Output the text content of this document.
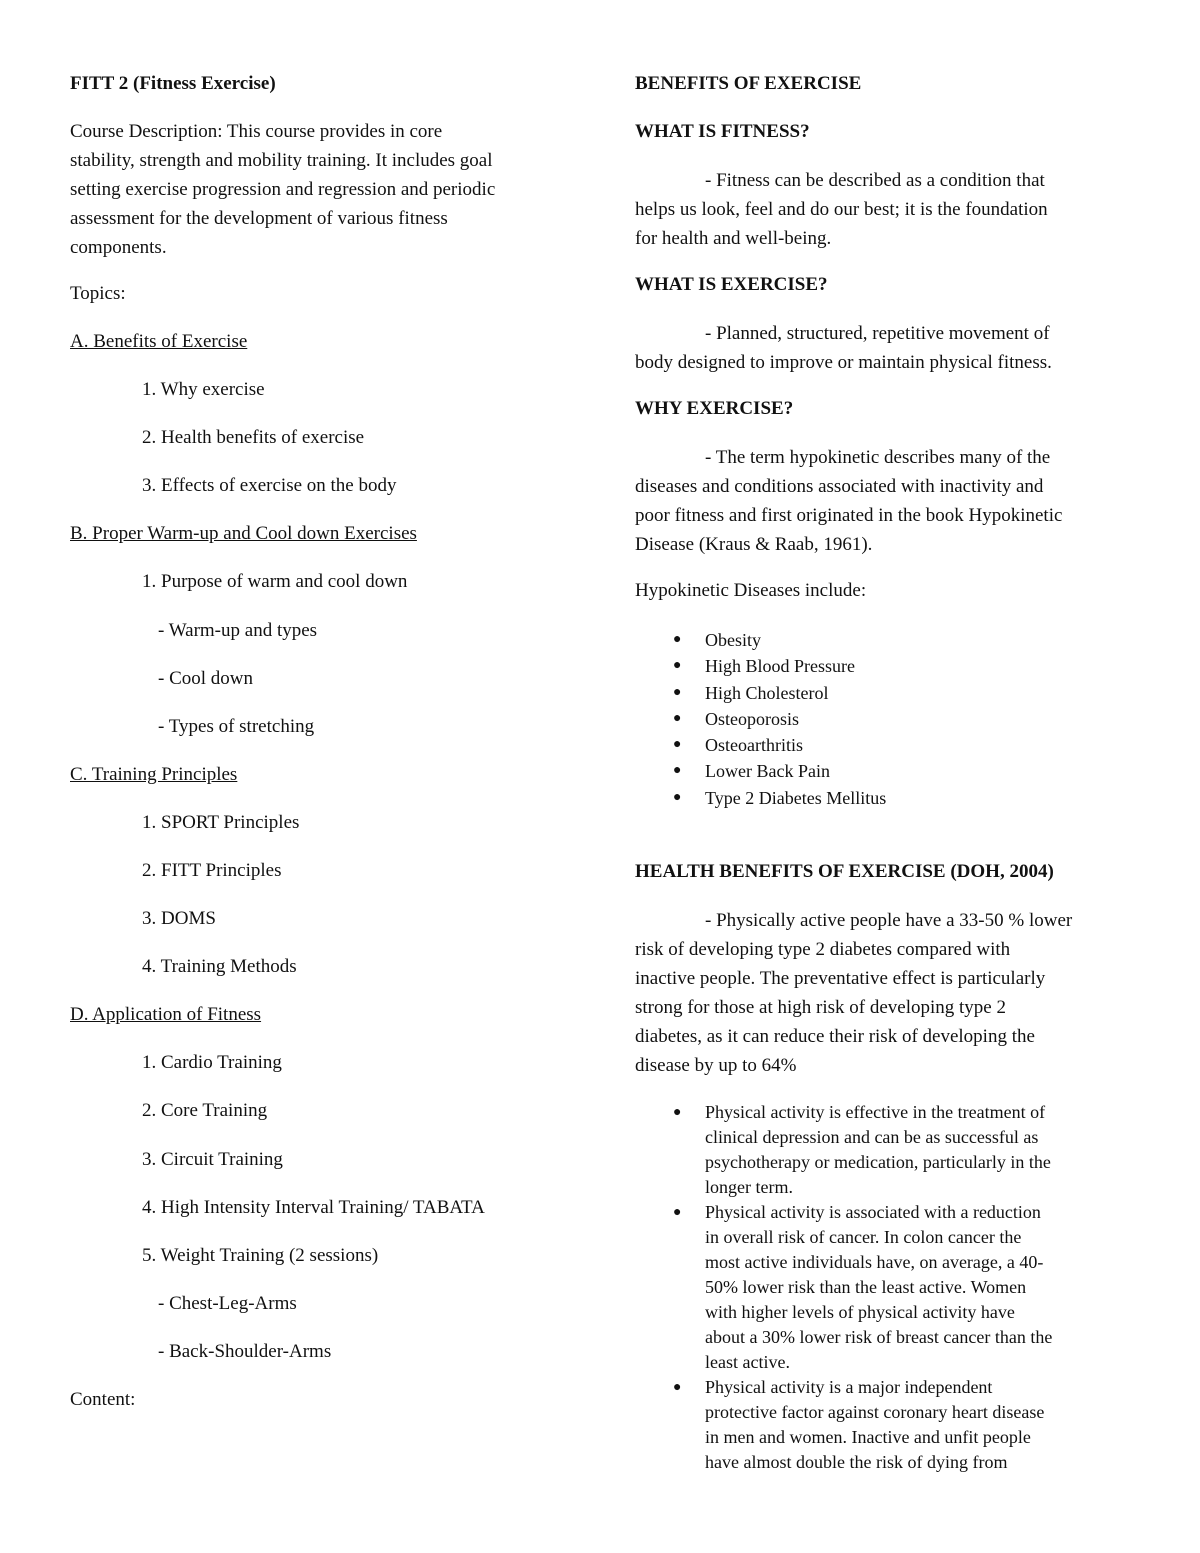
FITT 2 (Fitness Exercise)
Course Description: This course provides in core
stability, strength and mobility training. It includes goal
setting exercise progression and regression and periodic
assessment for the development of various fitness
components.
Topics:
A. Benefits of Exercise
1. Why exercise
2. Health benefits of exercise
3. Effects of exercise on the body
B. Proper Warm-up and Cool down Exercises
1. Purpose of warm and cool down
- Warm-up and types
- Cool down
- Types of stretching
C. Training Principles
1. SPORT Principles
2. FITT Principles
3. DOMS
4. Training Methods
D. Application of Fitness
1. Cardio Training
2. Core Training
3. Circuit Training
4. High Intensity Interval Training/ TABATA
5. Weight Training (2 sessions)
- Chest-Leg-Arms
- Back-Shoulder-Arms
Content:
BENEFITS OF EXERCISE
WHAT IS FITNESS?
- Fitness can be described as a condition that
helps us look, feel and do our best; it is the foundation
for health and well-being.
WHAT IS EXERCISE?
- Planned, structured, repetitive movement of
body designed to improve or maintain physical fitness.
WHY EXERCISE?
- The term hypokinetic describes many of the
diseases and conditions associated with inactivity and
poor fitness and first originated in the book Hypokinetic
Disease (Kraus & Raab, 1961).
Hypokinetic Diseases include:
● Obesity
● High Blood Pressure
● High Cholesterol
● Osteoporosis
● Osteoarthritis
● Lower Back Pain
● Type 2 Diabetes Mellitus
HEALTH BENEFITS OF EXERCISE (DOH, 2004)
- Physically active people have a 33-50 % lower
risk of developing type 2 diabetes compared with
inactive people. The preventative effect is particularly
strong for those at high risk of developing type 2
diabetes, as it can reduce their risk of developing the
disease by up to 64%
● Physical activity is effective in the treatment of
clinical depression and can be as successful as
psychotherapy or medication, particularly in the
longer term.
● Physical activity is associated with a reduction
in overall risk of cancer. In colon cancer the
most active individuals have, on average, a 40-
50% lower risk than the least active. Women
with higher levels of physical activity have
about a 30% lower risk of breast cancer than the
least active.
● Physical activity is a major independent
protective factor against coronary heart disease
in men and women. Inactive and unfit people
have almost double the risk of dying from
